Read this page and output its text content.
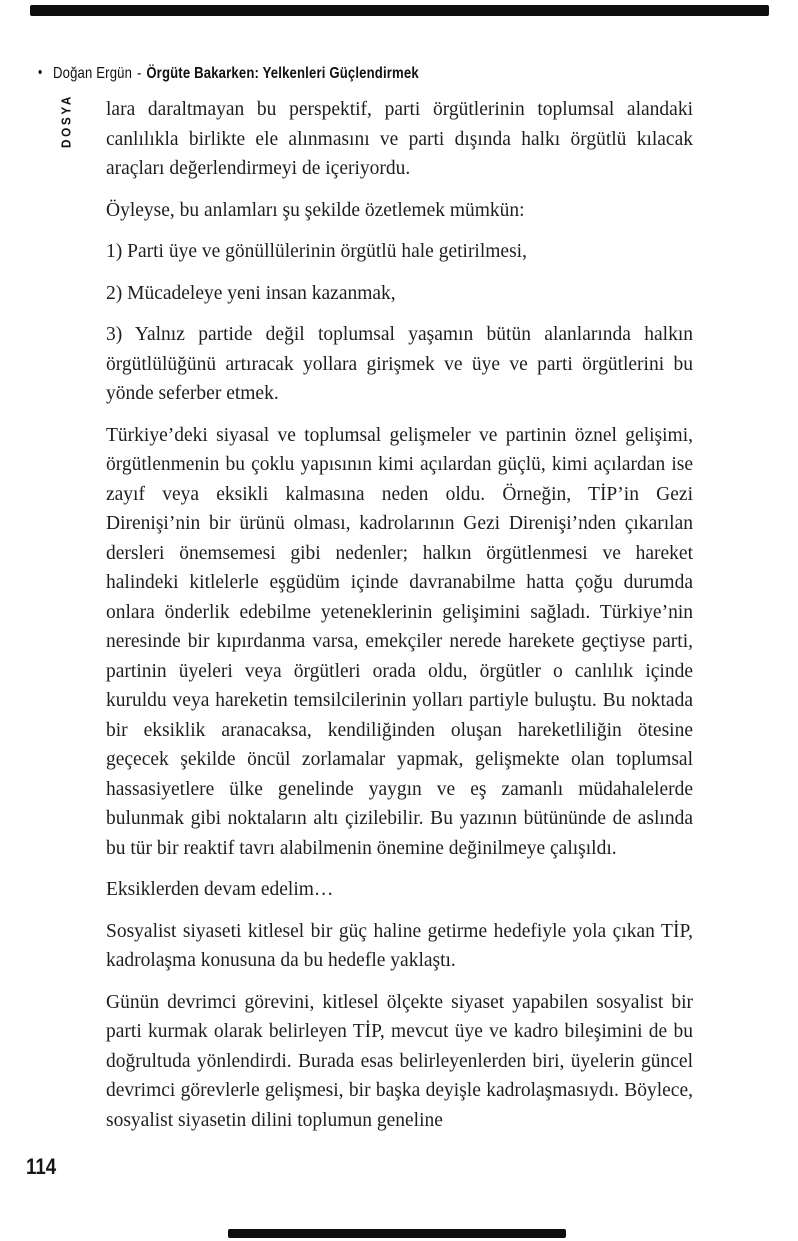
• Doğan Ergün - Örgüte Bakarken: Yelkenleri Güçlendirmek
DOSYA lara daraltmayan bu perspektif, parti örgütlerinin toplumsal alandaki canlılıkla birlikte ele alınmasını ve parti dışında halkı örgütlü kılacak araçları değerlendirmeyi de içeriyordu.

Öyleyse, bu anlamları şu şekilde özetlemek mümkün:

1) Parti üye ve gönüllülerinin örgütlü hale getirilmesi,

2) Mücadeleye yeni insan kazanmak,

3) Yalnız partide değil toplumsal yaşamın bütün alanlarında halkın örgütlülüğünü artıracak yollara girişmek ve üye ve parti örgütlerini bu yönde seferber etmek.

Türkiye’deki siyasal ve toplumsal gelişmeler ve partinin öznel gelişimi, örgütlenmenin bu çoklu yapısının kimi açılardan güçlü, kimi açılardan ise zayıf veya eksikli kalmasına neden oldu. Örneğin, TİP’in Gezi Direnişi’nin bir ürünü olması, kadrolarının Gezi Direnişi’nden çıkarılan dersleri önemsemesi gibi nedenler; halkın örgütlenmesi ve hareket halindeki kitlelerle eşgüdüm içinde davranabilme hatta çoğu durumda onlara önderlik edebilme yeteneklerinin gelişimini sağladı. Türkiye’nin neresinde bir kıpırdanma varsa, emekçiler nerede harekete geçtiyse parti, partinin üyeleri veya örgütleri orada oldu, örgütler o canlılık içinde kuruldu veya hareketin temsilcilerinin yolları partiyle buluştu. Bu noktada bir eksiklik aranacaksa, kendiliğinden oluşan hareketliliğin ötesine geçecek şekilde öncül zorlamalar yapmak, gelişmekte olan toplumsal hassasiyetlere ülke genelinde yaygın ve eş zamanlı müdahalelerde bulunmak gibi noktaların altı çizilebilir. Bu yazının bütününde de aslında bu tür bir reaktif tavrı alabilmenin önemine değinilmeye çalışıldı.

Eksiklerden devam edelim…

Sosyalist siyaseti kitlesel bir güç haline getirme hedefiyle yola çıkan TİP, kadrolaşma konusuna da bu hedefle yaklaştı.

Günün devrimci görevini, kitlesel ölçekte siyaset yapabilen sosyalist bir parti kurmak olarak belirleyen TİP, mevcut üye ve kadro bileşimini de bu doğrultuda yönlendirdi. Burada esas belirleyenlerden biri, üyelerin güncel devrimci görevlerle gelişmesi, bir başka deyişle kadrolaşmasıydı. Böylece, sosyalist siyasetin dilini toplumun geneline

114
